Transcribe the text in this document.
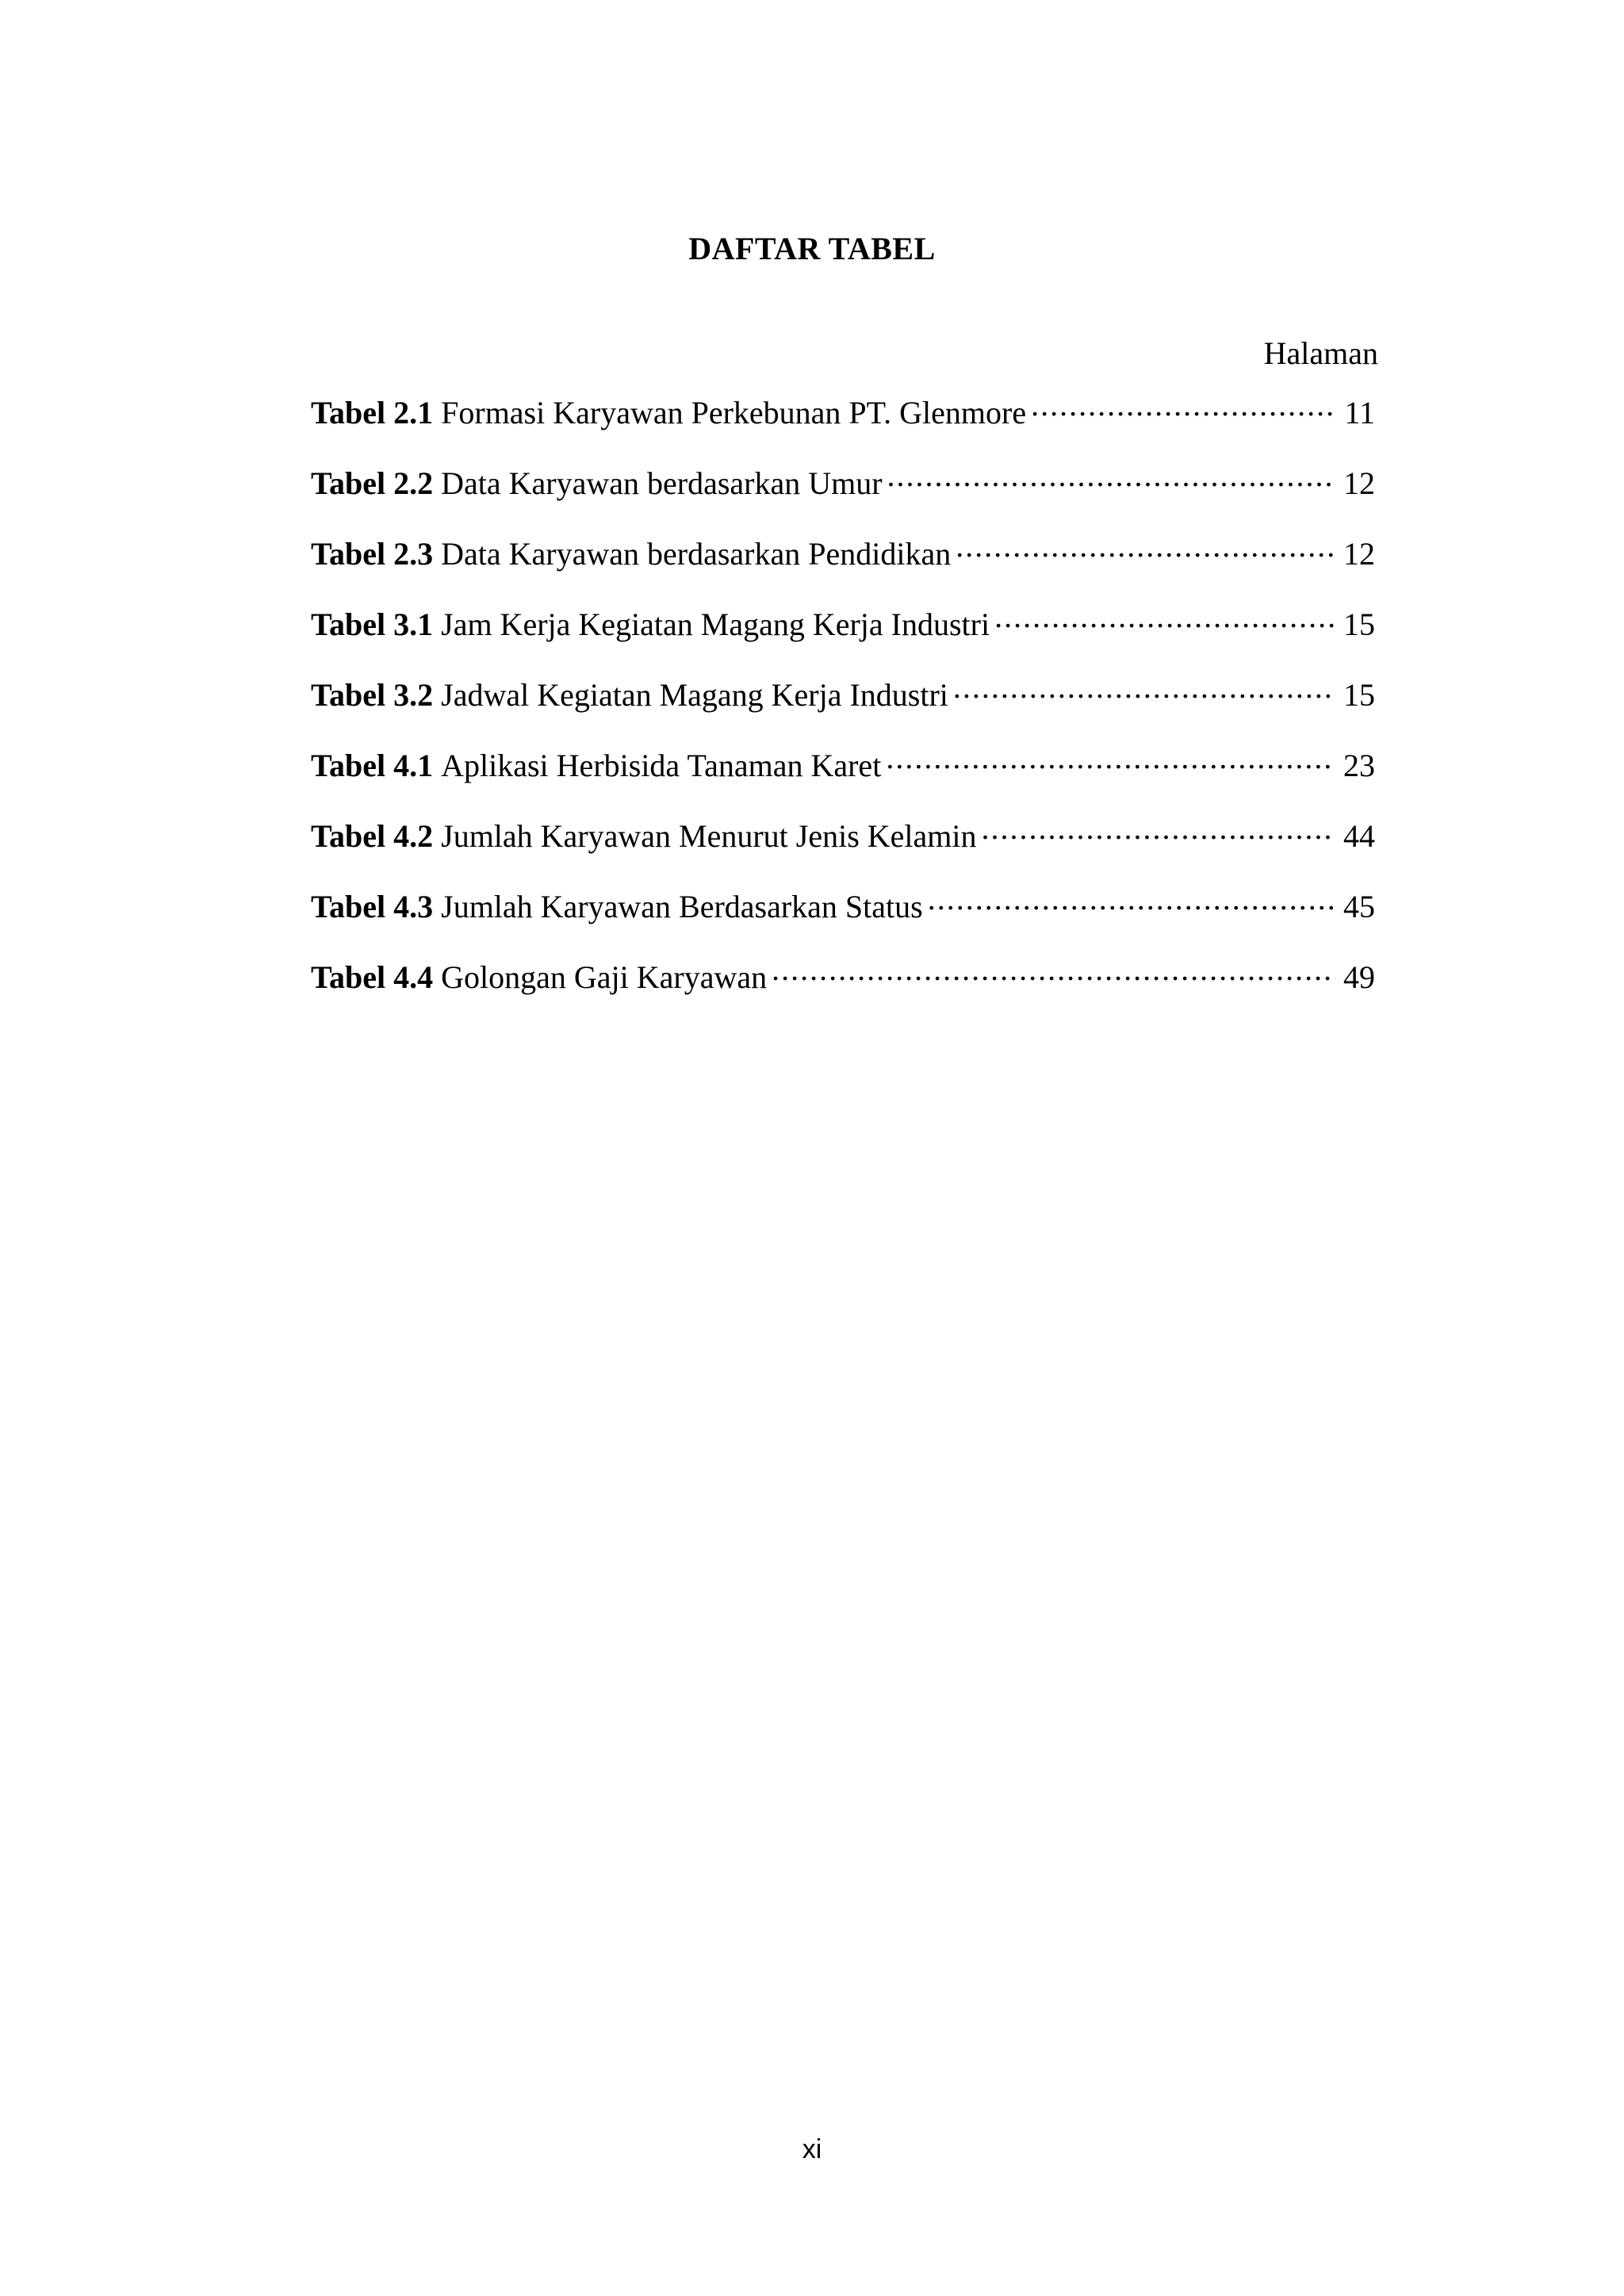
DAFTAR TABEL
Halaman
Tabel 2.1 Formasi Karyawan Perkebunan PT. Glenmore .....	11
Tabel 2.2 Data Karyawan berdasarkan Umur .....	12
Tabel 2.3 Data Karyawan berdasarkan Pendidikan .....	12
Tabel 3.1 Jam Kerja Kegiatan Magang Kerja Industri .....	15
Tabel 3.2 Jadwal Kegiatan Magang Kerja Industri .....	15
Tabel 4.1 Aplikasi Herbisida Tanaman Karet .....	23
Tabel 4.2 Jumlah Karyawan Menurut Jenis Kelamin .....	44
Tabel 4.3 Jumlah Karyawan Berdasarkan Status .....	45
Tabel 4.4 Golongan Gaji Karyawan .....	49
xi
